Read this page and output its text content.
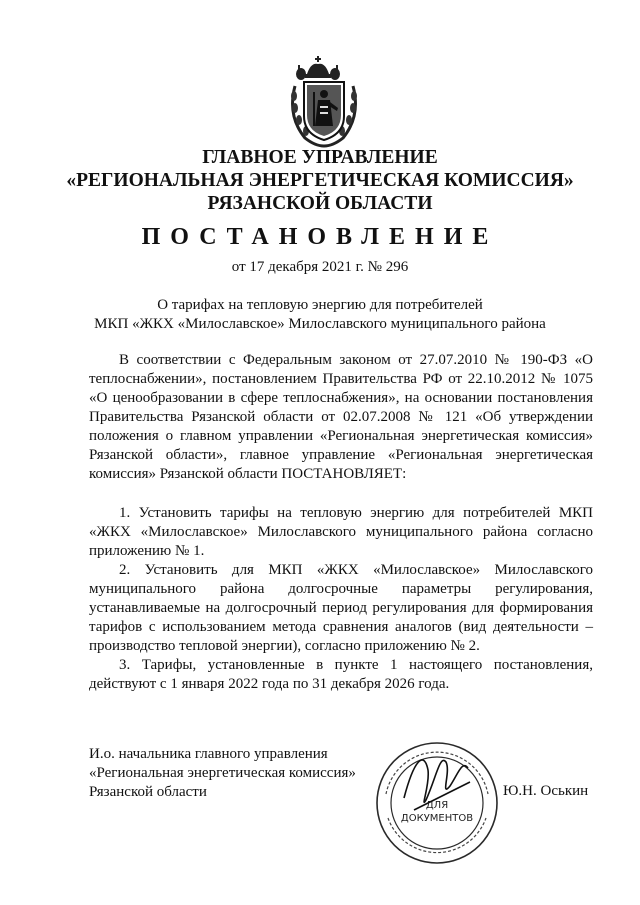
ГЛАВНОЕ УПРАВЛЕНИЕ
«РЕГИОНАЛЬНАЯ ЭНЕРГЕТИЧЕСКАЯ КОМИССИЯ»
РЯЗАНСКОЙ ОБЛАСТИ
ПОСТАНОВЛЕНИЕ
от 17 декабря 2021 г. № 296
О тарифах на тепловую энергию для потребителей
МКП «ЖКХ «Милославское» Милославского муниципального района
В соответствии с Федеральным законом от 27.07.2010 № 190-ФЗ «О теплоснабжении», постановлением Правительства РФ от 22.10.2012 № 1075 «О ценообразовании в сфере теплоснабжения», на основании постановления Правительства Рязанской области от 02.07.2008 № 121 «Об утверждении положения о главном управлении «Региональная энергетическая комиссия» Рязанской области», главное управление «Региональная энергетическая комиссия» Рязанской области ПОСТАНОВЛЯЕТ:

1. Установить тарифы на тепловую энергию для потребителей МКП «ЖКХ «Милославское» Милославского муниципального района согласно приложению № 1.

2. Установить для МКП «ЖКХ «Милославское» Милославского муниципального района долгосрочные параметры регулирования, устанавливаемые на долгосрочный период регулирования для формирования тарифов с использованием метода сравнения аналогов (вид деятельности – производство тепловой энергии), согласно приложению № 2.

3. Тарифы, установленные в пункте 1 настоящего постановления, действуют с 1 января 2022 года по 31 декабря 2026 года.

И.о. начальника главного управления
«Региональная энергетическая комиссия»
Рязанской области
ДЛЯ
ДОКУМЕНТОВ
Ю.Н. Оськин
